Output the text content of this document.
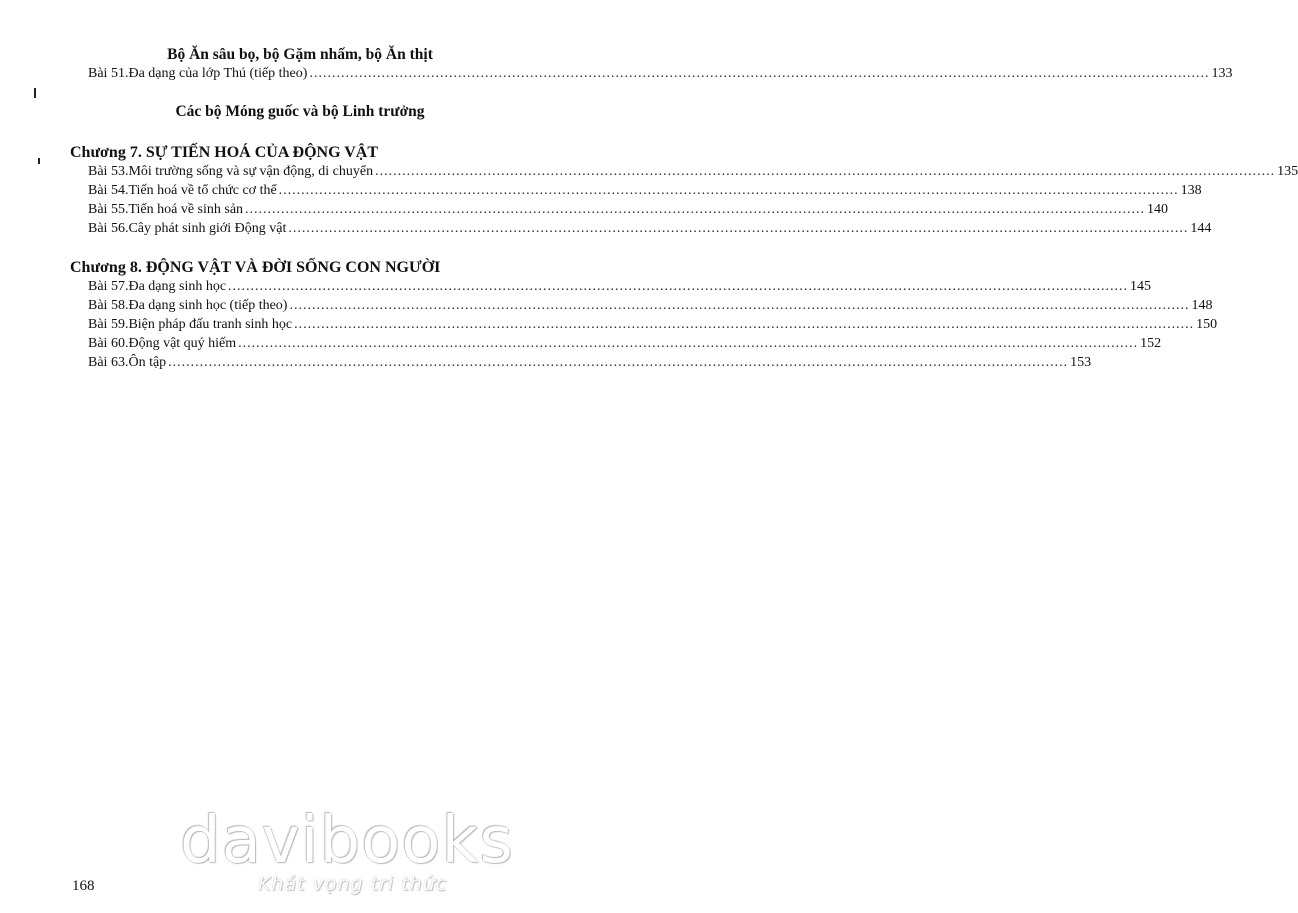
Bộ Ăn sâu bọ, bộ Gặm nhấm, bộ Ăn thịt
Bài 51. Đa dạng của lớp Thú (tiếp theo) ........................................................................................................................................................................................................ 133
Các bộ Móng guốc và bộ Linh trưởng
Chương 7. SỰ TIẾN HOÁ CỦA ĐỘNG VẬT
Bài 53. Môi trường sống và sự vận động, di chuyển ........................................................................................................................................................................................................ 135
Bài 54. Tiến hoá về tổ chức cơ thể ........................................................................................................................................................................................................ 138
Bài 55. Tiến hoá về sinh sản ........................................................................................................................................................................................................ 140
Bài 56. Cây phát sinh giới Động vật ........................................................................................................................................................................................................ 144
Chương 8. ĐỘNG VẬT VÀ ĐỜI SỐNG CON NGƯỜI
Bài 57. Đa dạng sinh học ........................................................................................................................................................................................................ 145
Bài 58. Đa dạng sinh học (tiếp theo) ........................................................................................................................................................................................................ 148
Bài 59. Biện pháp đấu tranh sinh học ........................................................................................................................................................................................................ 150
Bài 60. Động vật quý hiếm ........................................................................................................................................................................................................ 152
Bài 63. Ôn tập ........................................................................................................................................................................................................ 153
davibooks
Khát vọng tri thức
168
